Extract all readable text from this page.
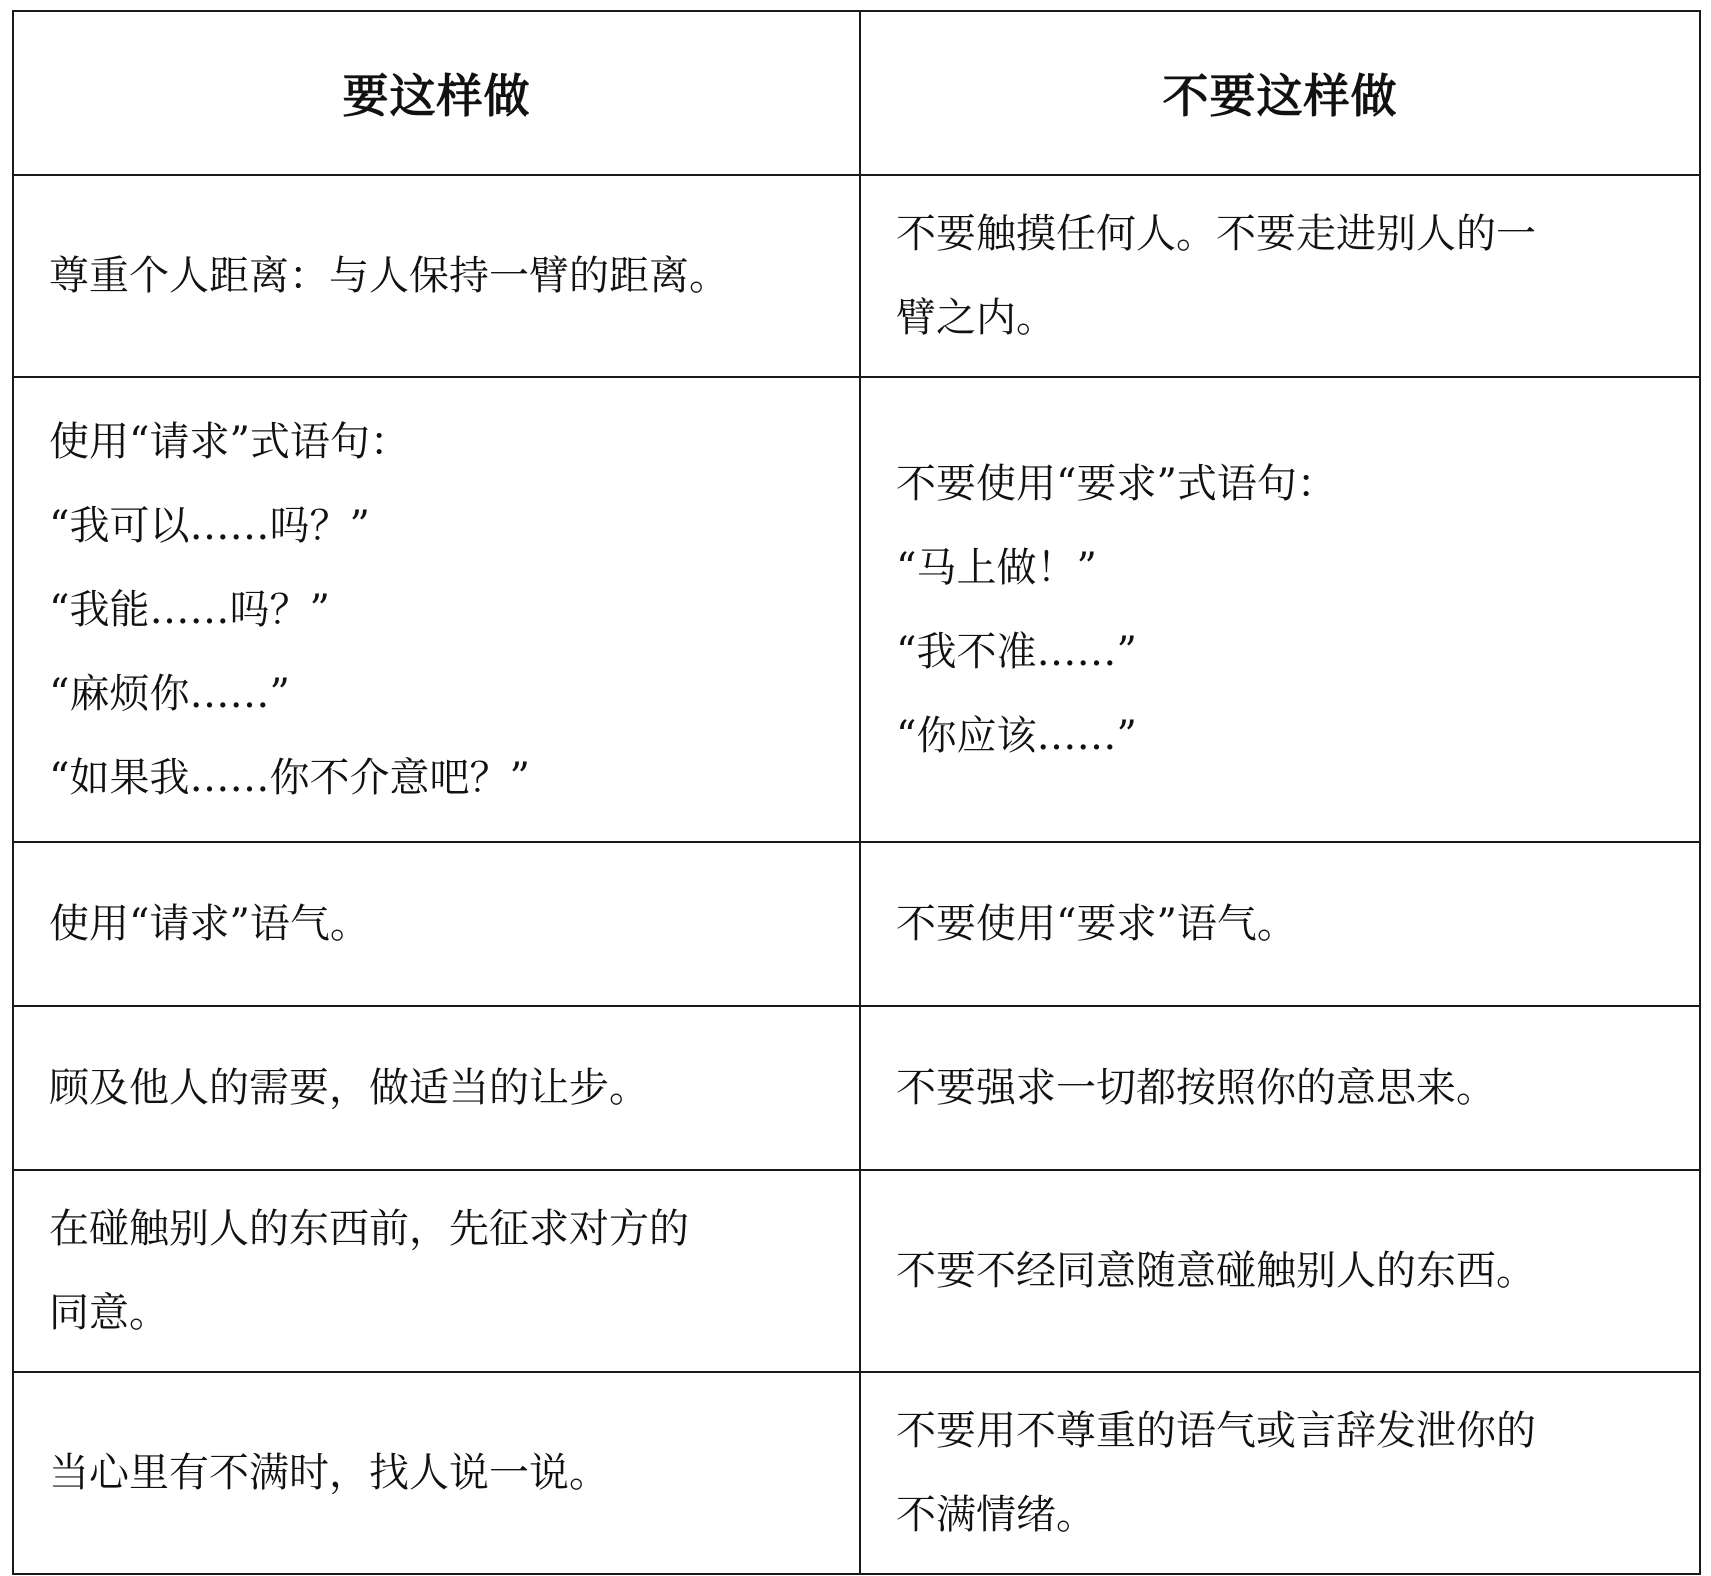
要这样做	不要这样做

尊重个人距离：与人保持一臂的距离。	不要触摸任何人。不要走进别人的一
臂之内。

使用“请求”式语句：
“我可以……吗？”
“我能……吗？”
“麻烦你……”
“如果我……你不介意吧？”	不要使用“要求”式语句：
“马上做！”
“我不准……”
“你应该……”

使用“请求”语气。	不要使用“要求”语气。

顾及他人的需要，做适当的让步。	不要强求一切都按照你的意思来。

在碰触别人的东西前，先征求对方的
同意。	不要不经同意随意碰触别人的东西。

当心里有不满时，找人说一说。	不要用不尊重的语气或言辞发泄你的
不满情绪。
